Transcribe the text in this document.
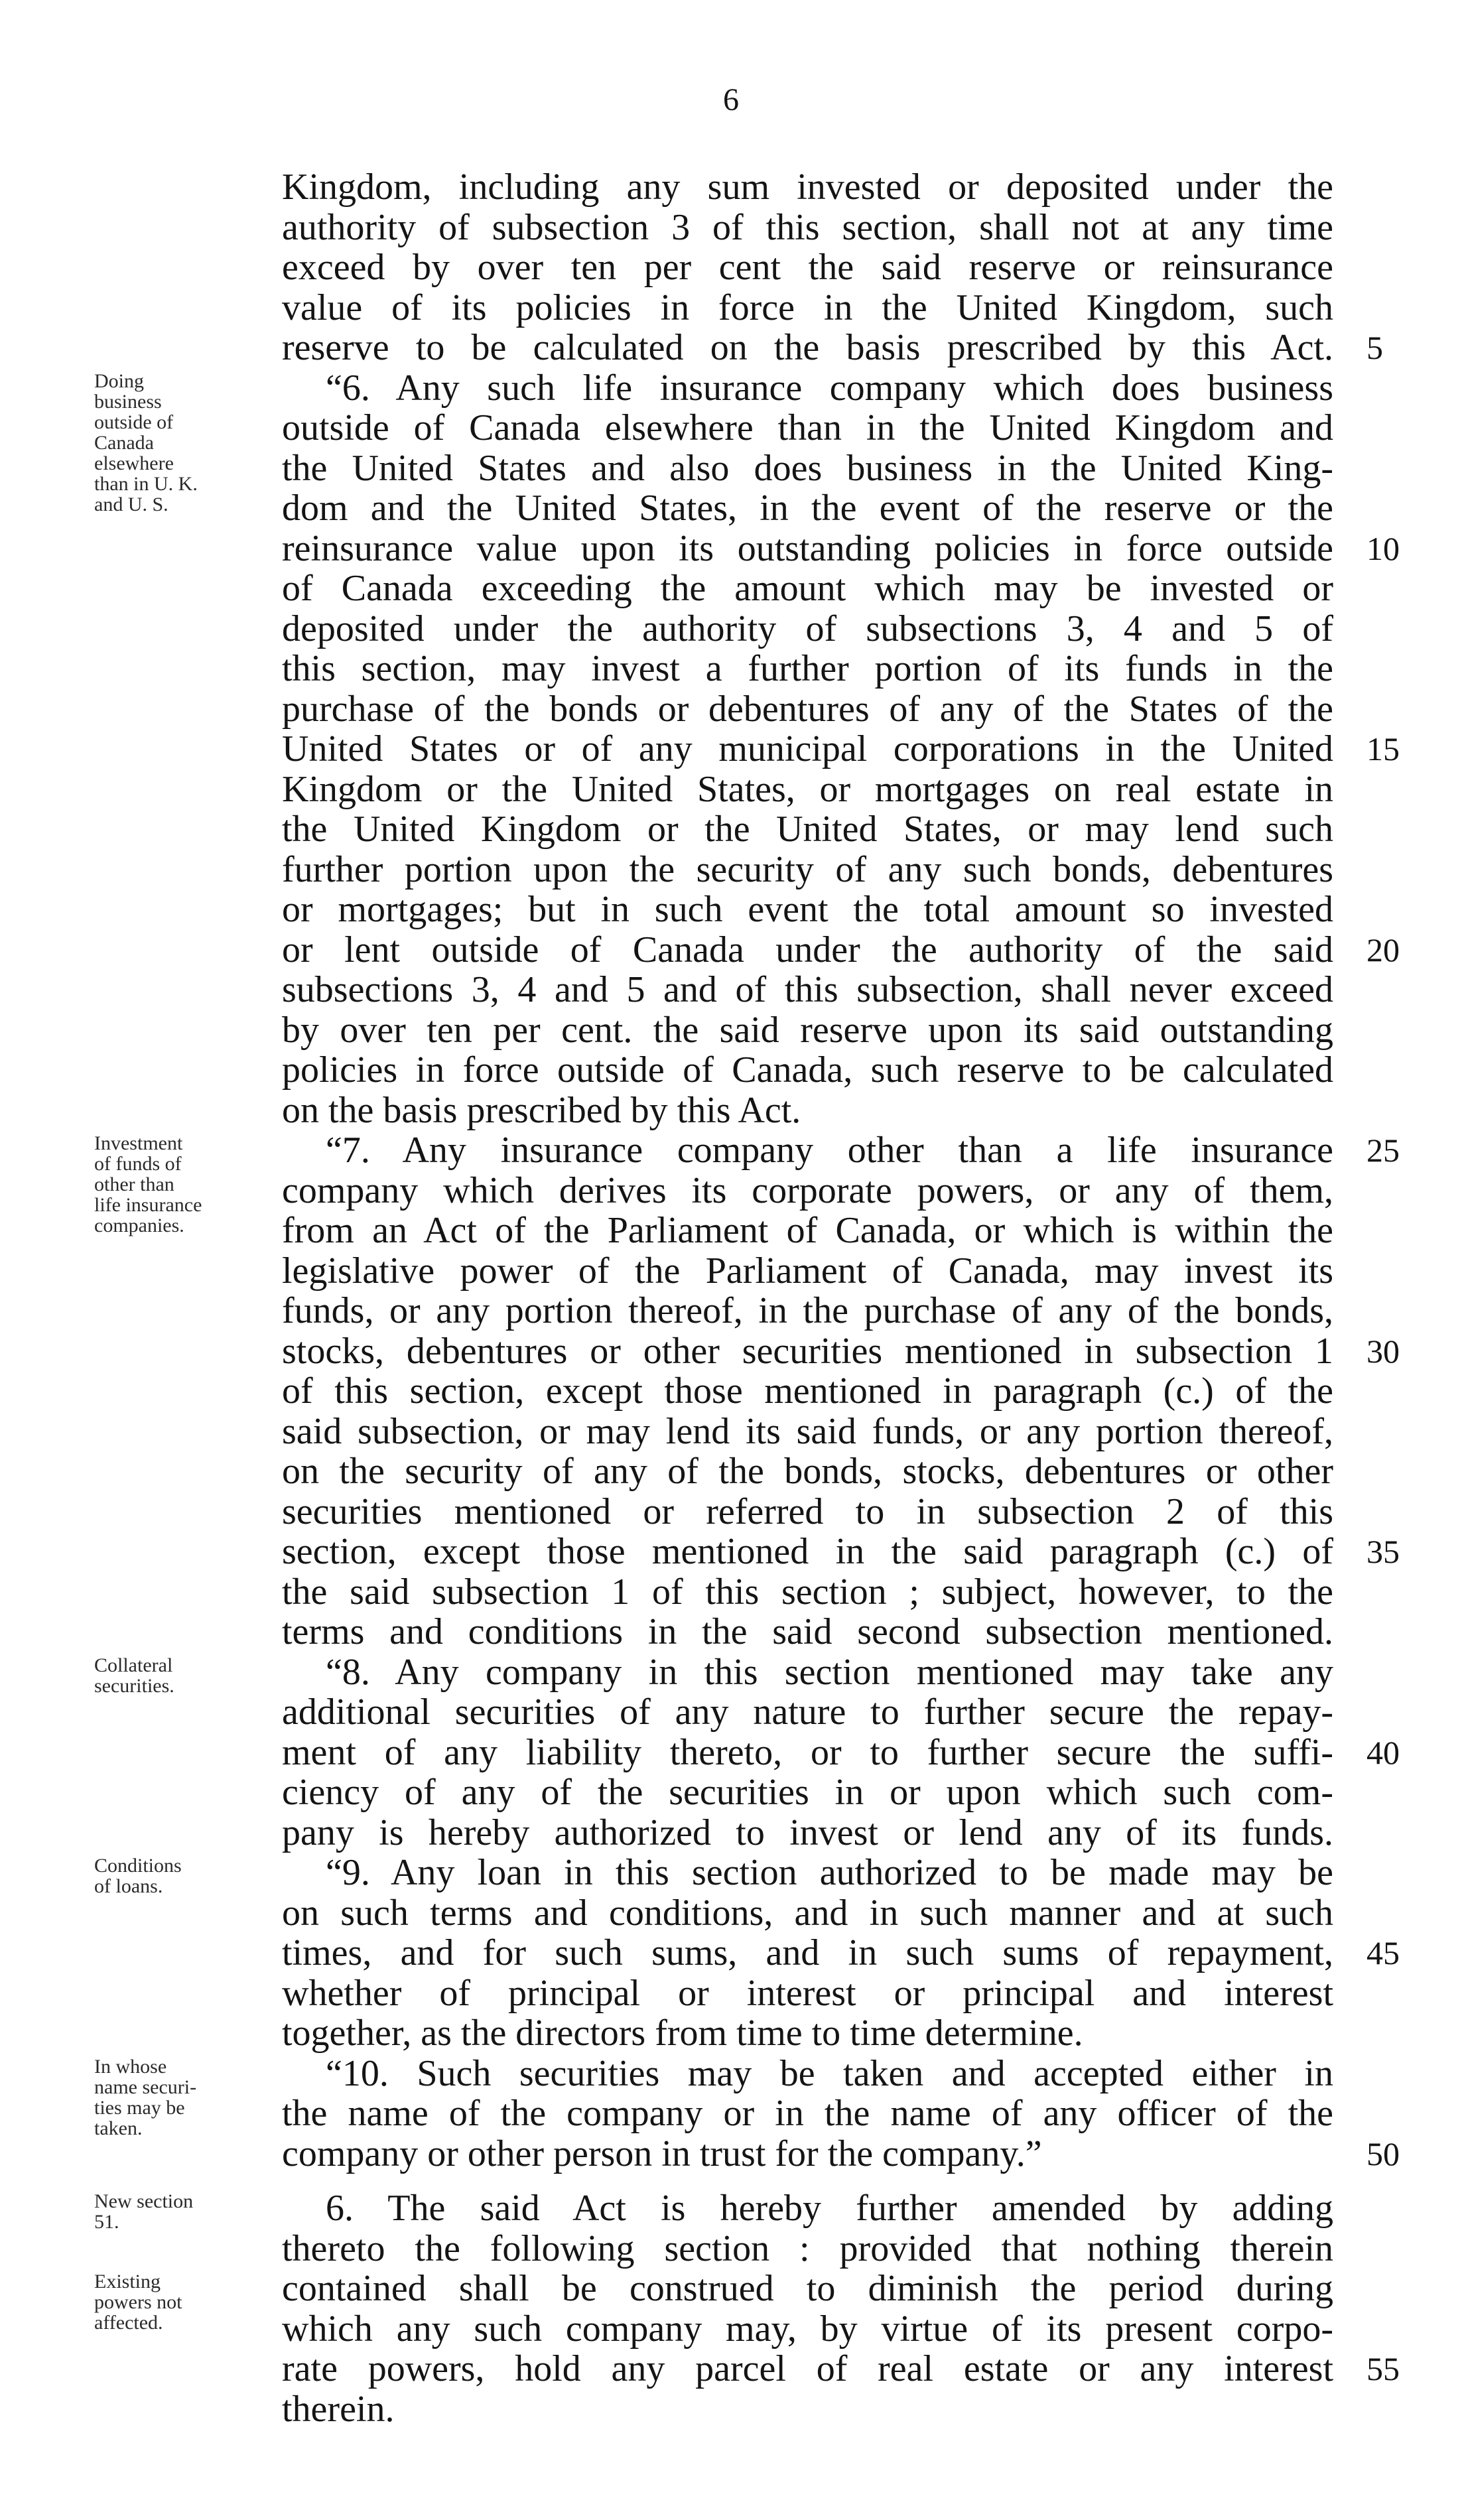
6
Kingdom, including any sum invested or deposited under the
authority of subsection 3 of this section, shall not at any time
exceed by over ten per cent the said reserve or reinsurance
value of its policies in force in the United Kingdom, such
reserve to be calculated on the basis prescribed by this Act.
“6. Any such life insurance company which does business
outside of Canada elsewhere than in the United Kingdom and
the United States and also does business in the United King-
dom and the United States, in the event of the reserve or the
reinsurance value upon its outstanding policies in force outside
of Canada exceeding the amount which may be invested or
deposited under the authority of subsections 3, 4 and 5 of
this section, may invest a further portion of its funds in the
purchase of the bonds or debentures of any of the States of the
United States or of any municipal corporations in the United
Kingdom or the United States, or mortgages on real estate in
the United Kingdom or the United States, or may lend such
further portion upon the security of any such bonds, debentures
or mortgages; but in such event the total amount so invested
or lent outside of Canada under the authority of the said
subsections 3, 4 and 5 and of this subsection, shall never exceed
by over ten per cent. the said reserve upon its said outstanding
policies in force outside of Canada, such reserve to be calculated
on the basis prescribed by this Act.
“7. Any insurance company other than a life insurance
company which derives its corporate powers, or any of them,
from an Act of the Parliament of Canada, or which is within the
legislative power of the Parliament of Canada, may invest its
funds, or any portion thereof, in the purchase of any of the bonds,
stocks, debentures or other securities mentioned in subsection 1
of this section, except those mentioned in paragraph (c.) of the
said subsection, or may lend its said funds, or any portion thereof,
on the security of any of the bonds, stocks, debentures or other
securities mentioned or referred to in subsection 2 of this
section, except those mentioned in the said paragraph (c.) of
the said subsection 1 of this section ; subject, however, to the
terms and conditions in the said second subsection mentioned.
“8. Any company in this section mentioned may take any
additional securities of any nature to further secure the repay-
ment of any liability thereto, or to further secure the suffi-
ciency of any of the securities in or upon which such com-
pany is hereby authorized to invest or lend any of its funds.
“9. Any loan in this section authorized to be made may be
on such terms and conditions, and in such manner and at such
times, and for such sums, and in such sums of repayment,
whether of principal or interest or principal and interest
together, as the directors from time to time determine.
“10. Such securities may be taken and accepted either in
the name of the company or in the name of any officer of the
company or other person in trust for the company.”
6. The said Act is hereby further amended by adding
thereto the following section : provided that nothing therein
contained shall be construed to diminish the period during
which any such company may, by virtue of its present corpo-
rate powers, hold any parcel of real estate or any interest
therein.
5
10
15
20
25
30
35
40
45
50
55
Doing
business
outside of
Canada
elsewhere
than in U. K.
and U. S.
Investment
of funds of
other than
life insurance
companies.
Collateral
securities.
Conditions
of loans.
In whose
name securi-
ties may be
taken.
New section
51.
Existing
powers not
affected.
